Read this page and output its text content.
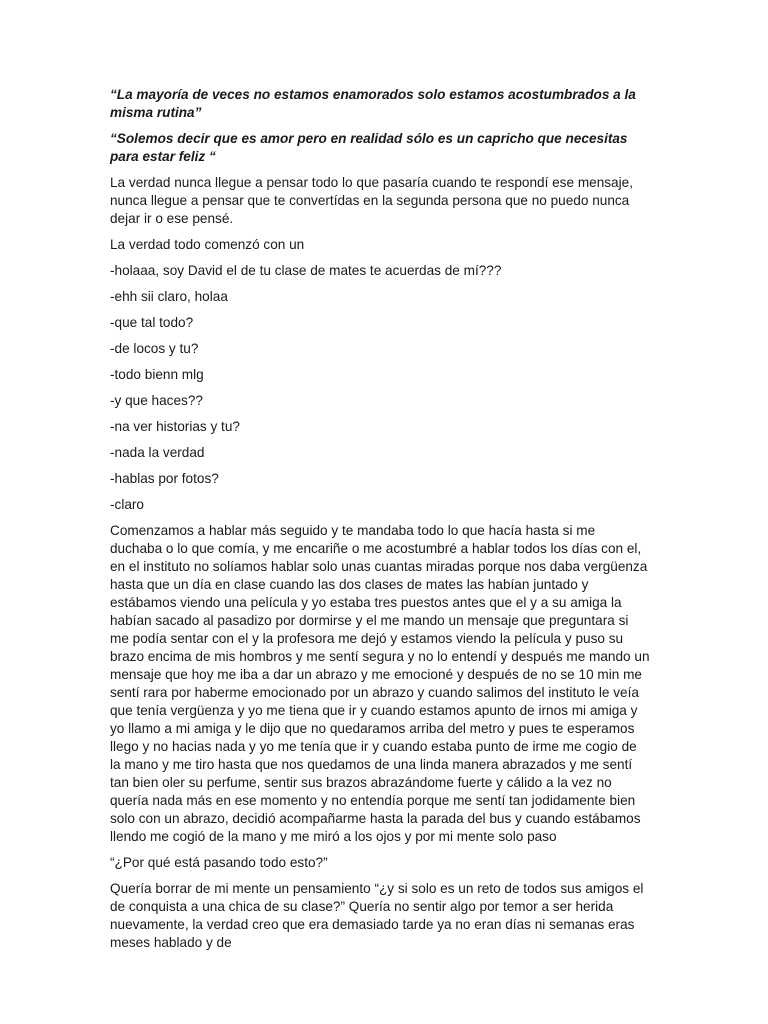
“La mayoría de veces no estamos enamorados solo estamos acostumbrados a la misma rutina”

“Solemos decir que es amor pero en realidad sólo es un capricho que necesitas para estar feliz “

La verdad nunca llegue a pensar todo lo que pasaría cuando te respondí ese mensaje, nunca llegue a pensar que te convertídas en la segunda persona que no puedo nunca dejar ir o ese pensé.

La verdad todo comenzó con un

-holaaa, soy David el de tu clase de mates te acuerdas de mí???

-ehh sii claro, holaa

-que tal todo?

-de locos y tu?

-todo bienn mlg

-y que haces??

-na ver historias y tu?

-nada la verdad

-hablas por fotos?

-claro

Comenzamos a hablar más seguido y te mandaba todo lo que hacía hasta si me duchaba o lo que comía, y me encariñe o me acostumbré a hablar todos los días con el, en el instituto no solíamos hablar solo unas cuantas miradas porque nos daba vergüenza hasta que un día en clase cuando las dos clases de mates las habían juntado y estábamos viendo una película y yo estaba tres puestos antes que el y a su amiga la habían sacado al pasadizo por dormirse y el me mando un mensaje que preguntara si me podía sentar con el y la profesora me dejó y estamos viendo la película y puso su brazo encima de mis hombros y me sentí segura y no lo entendí y después me mando un mensaje que hoy me iba a dar un abrazo y me emocioné y después de no se 10 min me sentí rara por haberme emocionado por un abrazo y cuando salimos del instituto le veía que tenía vergüenza y yo me tiena que ir y cuando estamos apunto de irnos mi amiga y yo llamo a mi amiga y le dijo que no quedaramos arriba del metro y pues te esperamos llego y no hacias nada y yo me tenía que ir y cuando estaba punto de irme me cogio de la mano y me tiro hasta que nos quedamos de una linda manera abrazados y me sentí tan bien oler su perfume, sentir sus brazos abrazándome fuerte y cálido a la vez no quería nada más en ese momento y no entendía porque me sentí tan jodidamente bien solo con un abrazo, decidió acompañarme hasta la parada del bus y cuando estábamos llendo me cogió de la mano y me miró a los ojos y por mi mente solo paso

“¿Por qué está pasando todo esto?”

Quería borrar de mi mente un pensamiento “¿y si solo es un reto de todos sus amigos el de conquista a una chica de su clase?” Quería no sentir algo por temor a ser herida nuevamente, la verdad creo que era demasiado tarde ya no eran días ni semanas eras meses hablado y de
